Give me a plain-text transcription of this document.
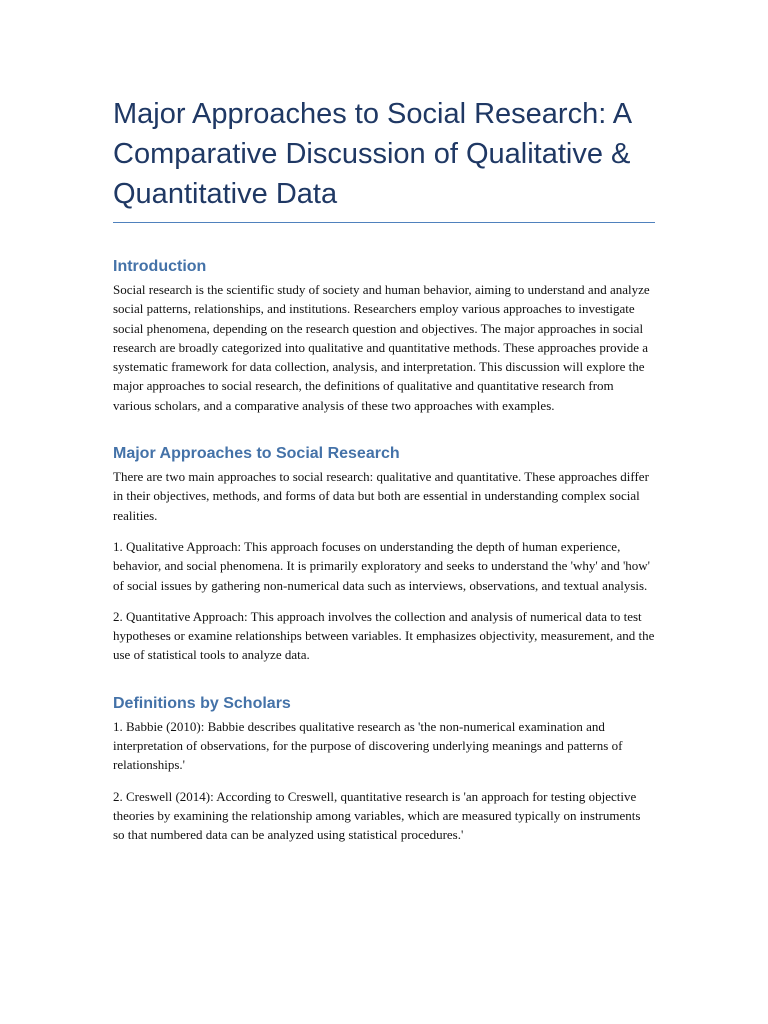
Major Approaches to Social Research: A Comparative Discussion of Qualitative & Quantitative Data
Introduction

Social research is the scientific study of society and human behavior, aiming to understand and analyze social patterns, relationships, and institutions. Researchers employ various approaches to investigate social phenomena, depending on the research question and objectives. The major approaches in social research are broadly categorized into qualitative and quantitative methods. These approaches provide a systematic framework for data collection, analysis, and interpretation. This discussion will explore the major approaches to social research, the definitions of qualitative and quantitative research from various scholars, and a comparative analysis of these two approaches with examples.

Major Approaches to Social Research

There are two main approaches to social research: qualitative and quantitative. These approaches differ in their objectives, methods, and forms of data but both are essential in understanding complex social realities.

1. Qualitative Approach: This approach focuses on understanding the depth of human experience, behavior, and social phenomena. It is primarily exploratory and seeks to understand the 'why' and 'how' of social issues by gathering non-numerical data such as interviews, observations, and textual analysis.

2. Quantitative Approach: This approach involves the collection and analysis of numerical data to test hypotheses or examine relationships between variables. It emphasizes objectivity, measurement, and the use of statistical tools to analyze data.

Definitions by Scholars

1. Babbie (2010): Babbie describes qualitative research as 'the non-numerical examination and interpretation of observations, for the purpose of discovering underlying meanings and patterns of relationships.'

2. Creswell (2014): According to Creswell, quantitative research is 'an approach for testing objective theories by examining the relationship among variables, which are measured typically on instruments so that numbered data can be analyzed using statistical procedures.'
